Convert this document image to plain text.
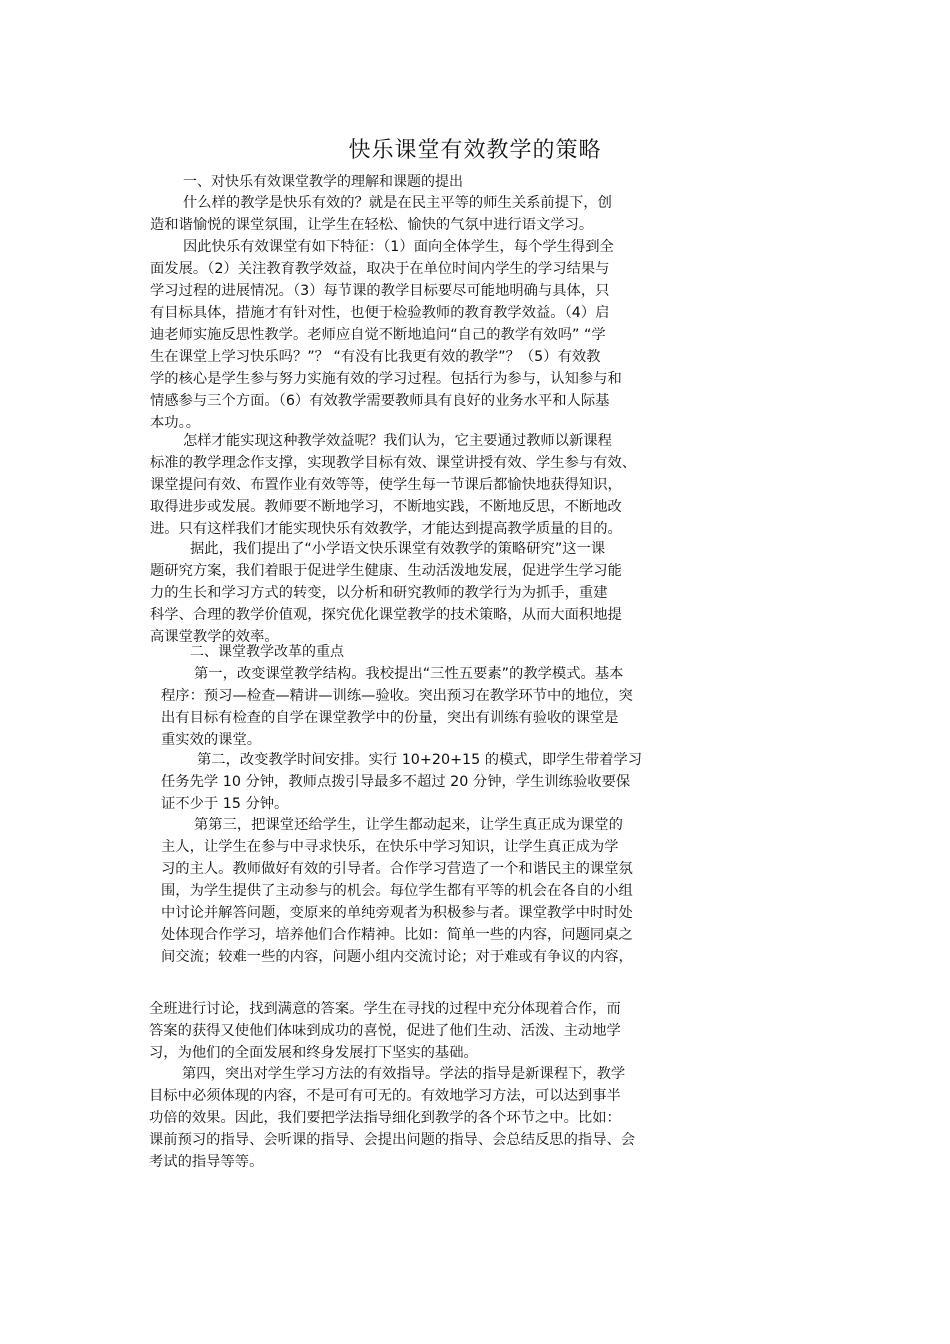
快乐课堂有效教学的策略
一、对快乐有效课堂教学的理解和课题的提出
什么样的教学是快乐有效的？就是在民主平等的师生关系前提下，创
造和谐愉悦的课堂氛围，让学生在轻松、愉快的气氛中进行语文学习。
因此快乐有效课堂有如下特征：（1）面向全体学生，每个学生得到全
面发展。（2）关注教育教学效益，取决于在单位时间内学生的学习结果与
学习过程的进展情况。（3）每节课的教学目标要尽可能地明确与具体，只
有目标具体，措施才有针对性，也便于检验教师的教育教学效益。（4）启
迪老师实施反思性教学。老师应自觉不断地追问“自己的教学有效吗” “学
生在课堂上学习快乐吗？”？ “有没有比我更有效的教学”？（5）有效教
学的核心是学生参与努力实施有效的学习过程。包括行为参与，认知参与和
情感参与三个方面。（6）有效教学需要教师具有良好的业务水平和人际基
本功。。
怎样才能实现这种教学效益呢？我们认为，它主要通过教师以新课程
标准的教学理念作支撑，实现教学目标有效、课堂讲授有效、学生参与有效、
课堂提问有效、布置作业有效等等，使学生每一节课后都愉快地获得知识，
取得进步或发展。教师要不断地学习，不断地实践，不断地反思，不断地改
进。只有这样我们才能实现快乐有效教学，才能达到提高教学质量的目的。
据此，我们提出了“小学语文快乐课堂有效教学的策略研究”这一课
题研究方案，我们着眼于促进学生健康、生动活泼地发展，促进学生学习能
力的生长和学习方式的转变，以分析和研究教师的教学行为为抓手，重建
科学、合理的教学价值观，探究优化课堂教学的技术策略，从而大面积地提
高课堂教学的效率。
二、课堂教学改革的重点
第一，改变课堂教学结构。我校提出“三性五要素”的教学模式。基本
程序：预习—检查—精讲—训练—验收。突出预习在教学环节中的地位，突
出有目标有检查的自学在课堂教学中的份量，突出有训练有验收的课堂是
重实效的课堂。
第二，改变教学时间安排。实行 10+20+15 的模式，即学生带着学习
任务先学 10 分钟，教师点拨引导最多不超过 20 分钟，学生训练验收要保
证不少于 15 分钟。
第第三，把课堂还给学生，让学生都动起来，让学生真正成为课堂的
主人，让学生在参与中寻求快乐，在快乐中学习知识，让学生真正成为学
习的主人。教师做好有效的引导者。合作学习营造了一个和谐民主的课堂氛
围，为学生提供了主动参与的机会。每位学生都有平等的机会在各自的小组
中讨论并解答问题，变原来的单纯旁观者为积极参与者。课堂教学中时时处
处体现合作学习，培养他们合作精神。比如：简单一些的内容，问题同桌之
间交流；较难一些的内容，问题小组内交流讨论；对于难或有争议的内容，
全班进行讨论，找到满意的答案。学生在寻找的过程中充分体现着合作，而
答案的获得又使他们体味到成功的喜悦，促进了他们生动、活泼、主动地学
习，为他们的全面发展和终身发展打下坚实的基础。
第四，突出对学生学习方法的有效指导。学法的指导是新课程下，教学
目标中必须体现的内容，不是可有可无的。有效地学习方法，可以达到事半
功倍的效果。因此，我们要把学法指导细化到教学的各个环节之中。比如：
课前预习的指导、会听课的指导、会提出问题的指导、会总结反思的指导、会
考试的指导等等。
